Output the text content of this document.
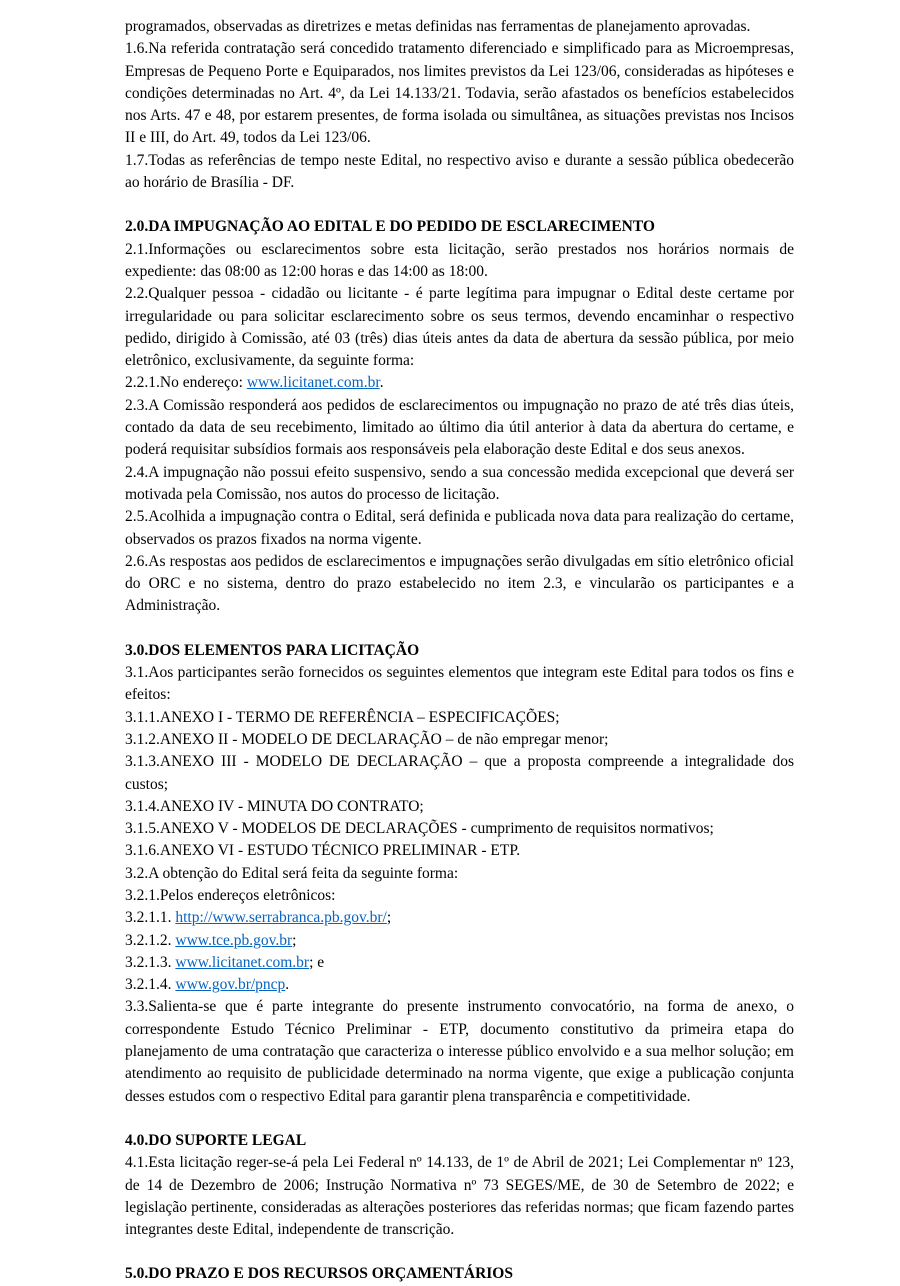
programados, observadas as diretrizes e metas definidas nas ferramentas de planejamento aprovadas.

1.6.Na referida contratação será concedido tratamento diferenciado e simplificado para as Microempresas, Empresas de Pequeno Porte e Equiparados, nos limites previstos da Lei 123/06, consideradas as hipóteses e condições determinadas no Art. 4º, da Lei 14.133/21. Todavia, serão afastados os benefícios estabelecidos nos Arts. 47 e 48, por estarem presentes, de forma isolada ou simultânea, as situações previstas nos Incisos II e III, do Art. 49, todos da Lei 123/06.

1.7.Todas as referências de tempo neste Edital, no respectivo aviso e durante a sessão pública obedecerão ao horário de Brasília - DF.

2.0.DA IMPUGNAÇÃO AO EDITAL E DO PEDIDO DE ESCLARECIMENTO

2.1.Informações ou esclarecimentos sobre esta licitação, serão prestados nos horários normais de expediente: das 08:00 as 12:00 horas e das 14:00 as 18:00.

2.2.Qualquer pessoa - cidadão ou licitante - é parte legítima para impugnar o Edital deste certame por irregularidade ou para solicitar esclarecimento sobre os seus termos, devendo encaminhar o respectivo pedido, dirigido à Comissão, até 03 (três) dias úteis antes da data de abertura da sessão pública, por meio eletrônico, exclusivamente, da seguinte forma:

2.2.1.No endereço: www.licitanet.com.br.

2.3.A Comissão responderá aos pedidos de esclarecimentos ou impugnação no prazo de até três dias úteis, contado da data de seu recebimento, limitado ao último dia útil anterior à data da abertura do certame, e poderá requisitar subsídios formais aos responsáveis pela elaboração deste Edital e dos seus anexos.

2.4.A impugnação não possui efeito suspensivo, sendo a sua concessão medida excepcional que deverá ser motivada pela Comissão, nos autos do processo de licitação.

2.5.Acolhida a impugnação contra o Edital, será definida e publicada nova data para realização do certame, observados os prazos fixados na norma vigente.

2.6.As respostas aos pedidos de esclarecimentos e impugnações serão divulgadas em sítio eletrônico oficial do ORC e no sistema, dentro do prazo estabelecido no item 2.3, e vincularão os participantes e a Administração.

3.0.DOS ELEMENTOS PARA LICITAÇÃO

3.1.Aos participantes serão fornecidos os seguintes elementos que integram este Edital para todos os fins e efeitos:

3.1.1.ANEXO I - TERMO DE REFERÊNCIA – ESPECIFICAÇÕES;

3.1.2.ANEXO II - MODELO DE DECLARAÇÃO – de não empregar menor;

3.1.3.ANEXO III - MODELO DE DECLARAÇÃO – que a proposta compreende a integralidade dos custos;

3.1.4.ANEXO IV - MINUTA DO CONTRATO;

3.1.5.ANEXO V - MODELOS DE DECLARAÇÕES - cumprimento de requisitos normativos;

3.1.6.ANEXO VI - ESTUDO TÉCNICO PRELIMINAR - ETP.

3.2.A obtenção do Edital será feita da seguinte forma:

3.2.1.Pelos endereços eletrônicos:

3.2.1.1. http://www.serrabranca.pb.gov.br/;

3.2.1.2. www.tce.pb.gov.br;

3.2.1.3. www.licitanet.com.br; e

3.2.1.4. www.gov.br/pncp.

3.3.Salienta-se que é parte integrante do presente instrumento convocatório, na forma de anexo, o correspondente Estudo Técnico Preliminar - ETP, documento constitutivo da primeira etapa do planejamento de uma contratação que caracteriza o interesse público envolvido e a sua melhor solução; em atendimento ao requisito de publicidade determinado na norma vigente, que exige a publicação conjunta desses estudos com o respectivo Edital para garantir plena transparência e competitividade.

4.0.DO SUPORTE LEGAL

4.1.Esta licitação reger-se-á pela Lei Federal nº 14.133, de 1º de Abril de 2021; Lei Complementar nº 123, de 14 de Dezembro de 2006; Instrução Normativa nº 73 SEGES/ME, de 30 de Setembro de 2022; e legislação pertinente, consideradas as alterações posteriores das referidas normas; que ficam fazendo partes integrantes deste Edital, independente de transcrição.

5.0.DO PRAZO E DOS RECURSOS ORÇAMENTÁRIOS
